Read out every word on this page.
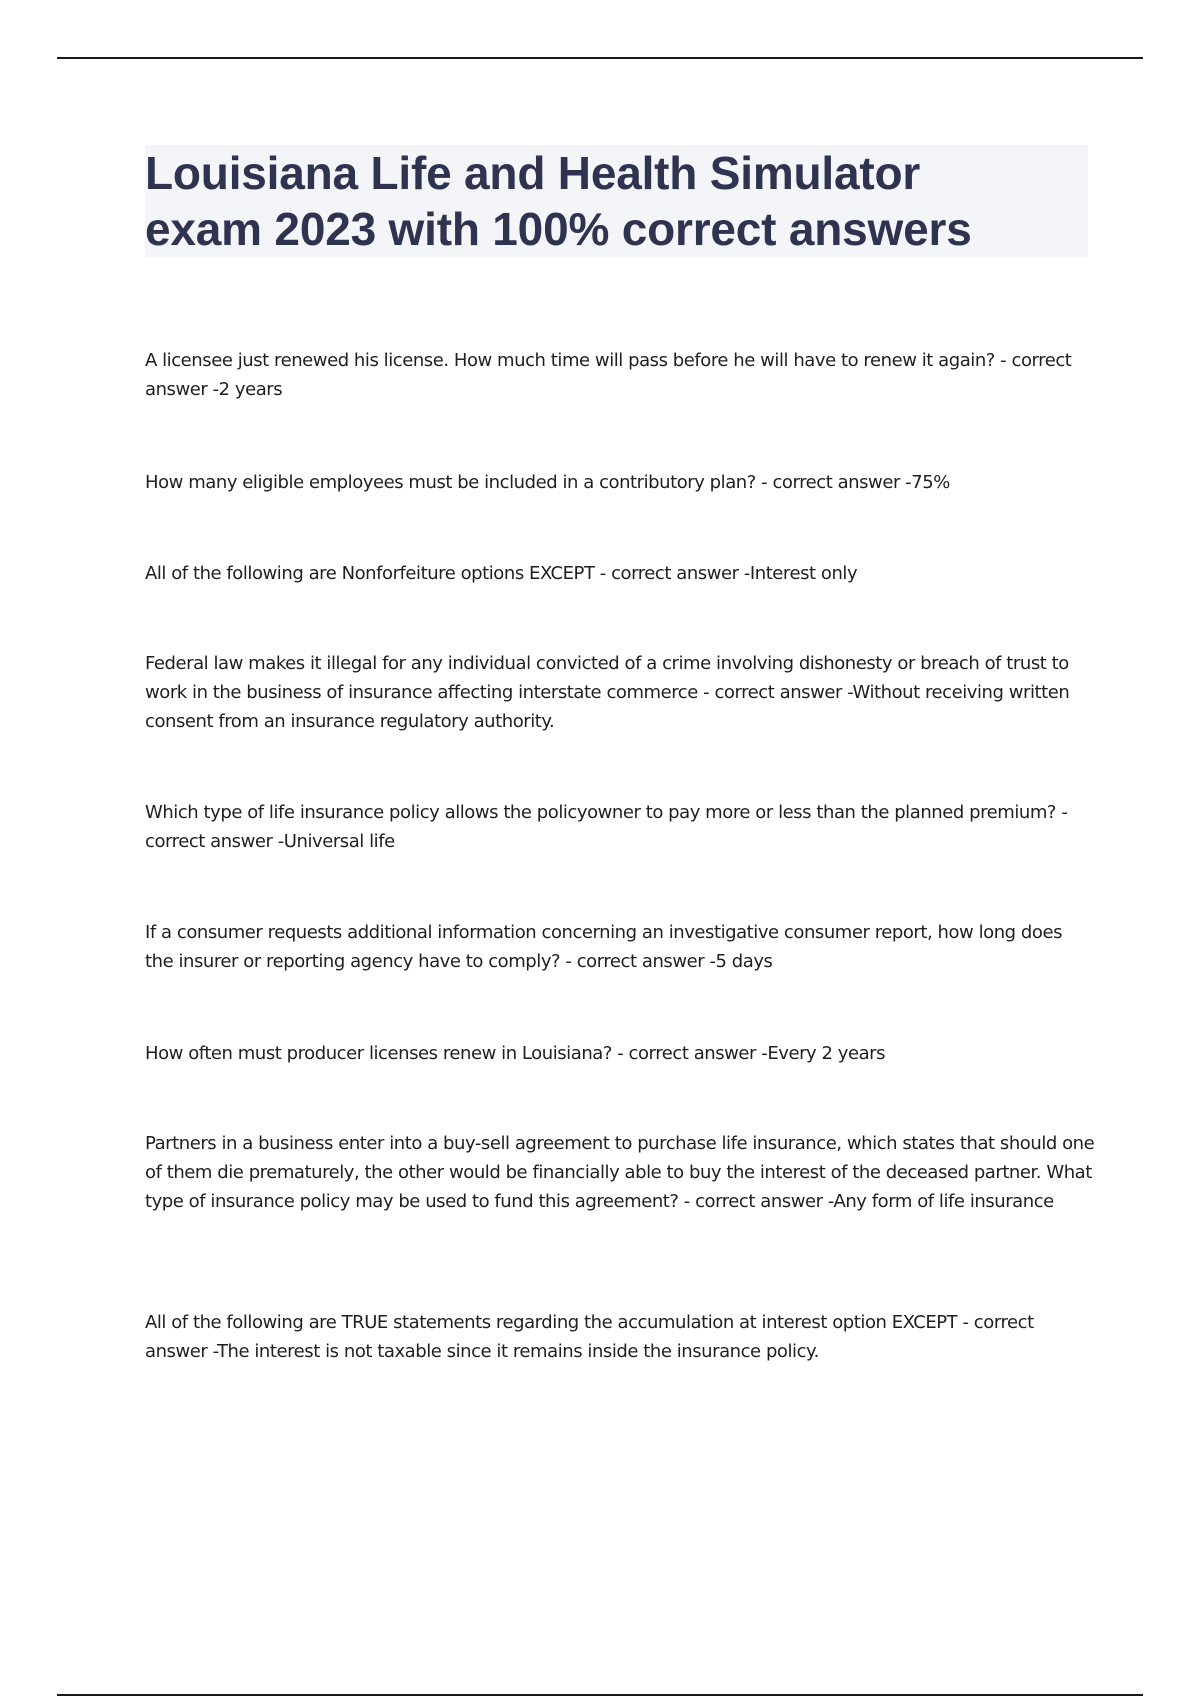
Louisiana Life and Health Simulator
exam 2023 with 100% correct answers

A licensee just renewed his license. How much time will pass before he will have to renew it again? - correct answer -2 years

How many eligible employees must be included in a contributory plan? - correct answer -75%

All of the following are Nonforfeiture options EXCEPT - correct answer -Interest only

Federal law makes it illegal for any individual convicted of a crime involving dishonesty or breach of trust to work in the business of insurance affecting interstate commerce - correct answer -Without receiving written consent from an insurance regulatory authority.

Which type of life insurance policy allows the policyowner to pay more or less than the planned premium? - correct answer -Universal life

If a consumer requests additional information concerning an investigative consumer report, how long does the insurer or reporting agency have to comply? - correct answer -5 days

How often must producer licenses renew in Louisiana? - correct answer -Every 2 years

Partners in a business enter into a buy-sell agreement to purchase life insurance, which states that should one of them die prematurely, the other would be financially able to buy the interest of the deceased partner. What type of insurance policy may be used to fund this agreement? - correct answer -Any form of life insurance

All of the following are TRUE statements regarding the accumulation at interest option EXCEPT - correct answer -The interest is not taxable since it remains inside the insurance policy.
